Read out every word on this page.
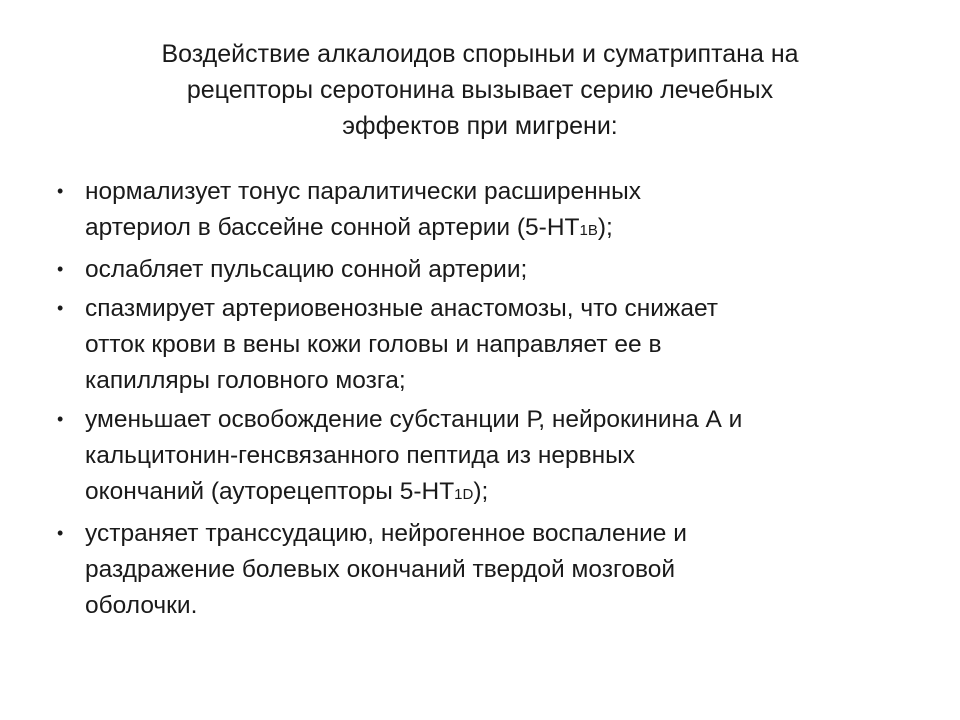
Воздействие алкалоидов спорыньи и суматриптана на
рецепторы серотонина вызывает серию лечебных
эффектов при мигрени:
• нормализует тонус паралитически расширенных
артериол в бассейне сонной артерии (5-НТ1B);
• ослабляет пульсацию сонной артерии;
• спазмирует артериовенозные анастомозы, что снижает
отток крови в вены кожи головы и направляет ее в
капилляры головного мозга;
• уменьшает освобождение субстанции Р, нейрокинина А и
кальцитонин-генсвязанного пептида из нервных
окончаний (ауторецепторы 5-НТ1D);
• устраняет транссудацию, нейрогенное воспаление и
раздражение болевых окончаний твердой мозговой
оболочки.
